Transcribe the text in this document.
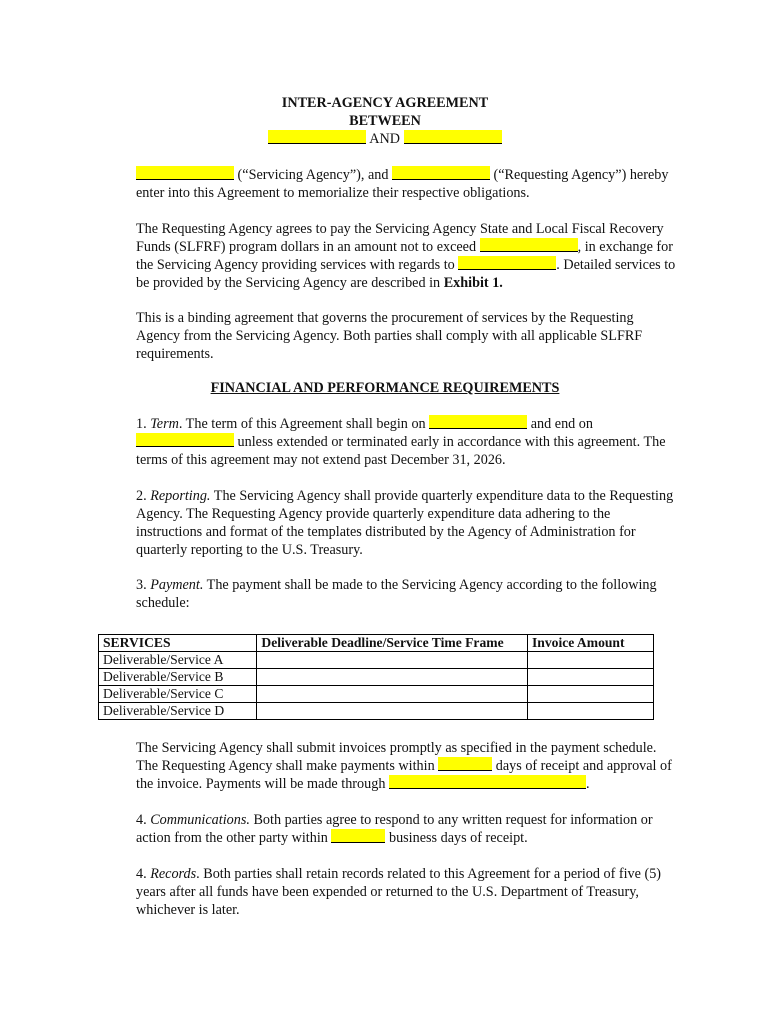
INTER-AGENCY AGREEMENT
BETWEEN
AND

(“Servicing Agency”), and	(“Requesting Agency”) hereby enter into this Agreement to memorialize their respective obligations.

The Requesting Agency agrees to pay the Servicing Agency State and Local Fiscal Recovery Funds (SLFRF) program dollars in an amount not to exceed	, in exchange for the Servicing Agency providing services with regards to	. Detailed services to be provided by the Servicing Agency are described in Exhibit 1.

This is a binding agreement that governs the procurement of services by the Requesting Agency from the Servicing Agency. Both parties shall comply with all applicable SLFRF requirements.

FINANCIAL AND PERFORMANCE REQUIREMENTS

1. Term. The term of this Agreement shall begin on	and end on  unless extended or terminated early in accordance with this agreement. The terms of this agreement may not extend past December 31, 2026.

2. Reporting. The Servicing Agency shall provide quarterly expenditure data to the Requesting Agency. The Requesting Agency provide quarterly expenditure data adhering to the instructions and format of the templates distributed by the Agency of Administration for quarterly reporting to the U.S. Treasury.

3. Payment. The payment shall be made to the Servicing Agency according to the following schedule:

SERVICES	Deliverable Deadline/Service Time Frame	Invoice Amount
Deliverable/Service A		
Deliverable/Service B		
Deliverable/Service C		
Deliverable/Service D		

The Servicing Agency shall submit invoices promptly as specified in the payment schedule. The Requesting Agency shall make payments within	days of receipt and approval of the invoice. Payments will be made through	.

4. Communications. Both parties agree to respond to any written request for information or action from the other party within	business days of receipt.

4. Records. Both parties shall retain records related to this Agreement for a period of five (5) years after all funds have been expended or returned to the U.S. Department of Treasury, whichever is later.
